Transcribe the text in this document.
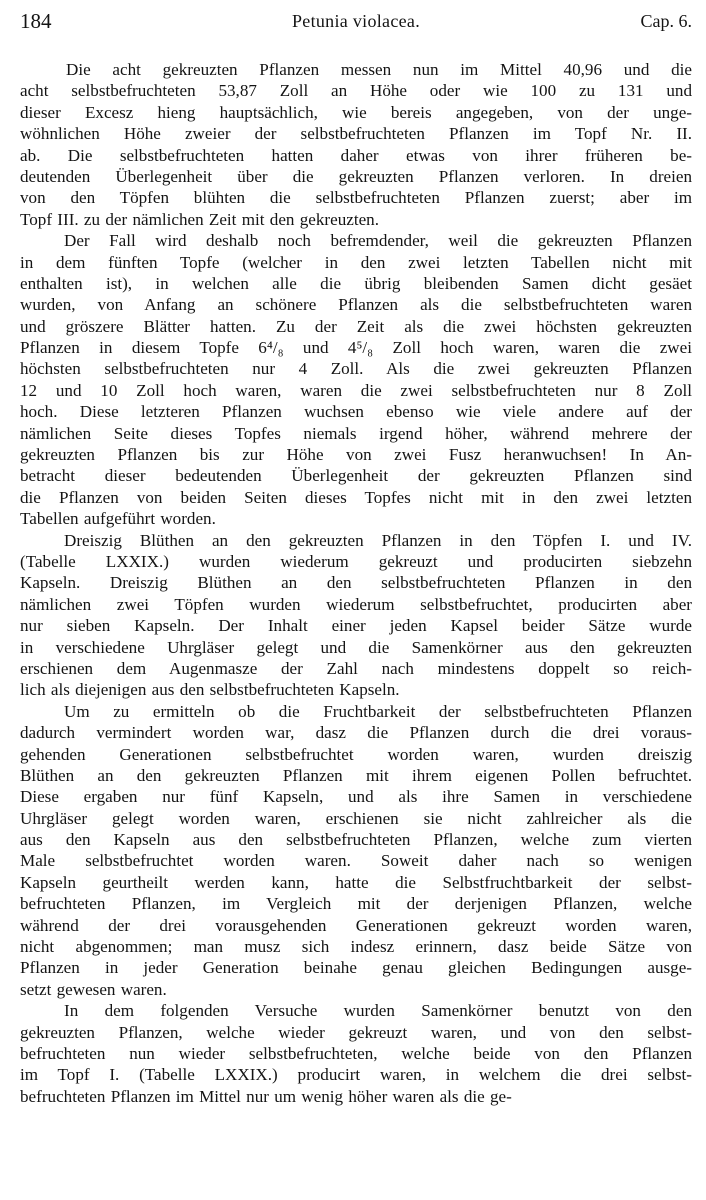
184	Petunia violacea.	Cap. 6.
Die acht gekreuzten Pflanzen messen nun im Mittel 40,96 und die
acht selbstbefruchteten 53,87 Zoll an Höhe oder wie 100 zu 131 und
dieser Excesz hieng hauptsächlich, wie bereis angegeben, von der unge-
wöhnlichen Höhe zweier der selbstbefruchteten Pflanzen im Topf Nr. II.
ab. Die selbstbefruchteten hatten daher etwas von ihrer früheren be-
deutenden Überlegenheit über die gekreuzten Pflanzen verloren. In dreien
von den Töpfen blühten die selbstbefruchteten Pflanzen zuerst; aber im
Topf III. zu der nämlichen Zeit mit den gekreuzten.
Der Fall wird deshalb noch befremdender, weil die gekreuzten Pflanzen
in dem fünften Topfe (welcher in den zwei letzten Tabellen nicht mit
enthalten ist), in welchen alle die übrig bleibenden Samen dicht gesäet
wurden, von Anfang an schönere Pflanzen als die selbstbefruchteten waren
und gröszere Blätter hatten. Zu der Zeit als die zwei höchsten gekreuzten
Pflanzen in diesem Topfe 6⁴/₈ und 4⁵/₈ Zoll hoch waren, waren die zwei
höchsten selbstbefruchteten nur 4 Zoll. Als die zwei gekreuzten Pflanzen
12 und 10 Zoll hoch waren, waren die zwei selbstbefruchteten nur 8 Zoll
hoch. Diese letzteren Pflanzen wuchsen ebenso wie viele andere auf der
nämlichen Seite dieses Topfes niemals irgend höher, während mehrere der
gekreuzten Pflanzen bis zur Höhe von zwei Fusz heranwuchsen! In An-
betracht dieser bedeutenden Überlegenheit der gekreuzten Pflanzen sind
die Pflanzen von beiden Seiten dieses Topfes nicht mit in den zwei letzten
Tabellen aufgeführt worden.
Dreiszig Blüthen an den gekreuzten Pflanzen in den Töpfen I. und IV.
(Tabelle LXXIX.) wurden wiederum gekreuzt und producirten siebzehn
Kapseln. Dreiszig Blüthen an den selbstbefruchteten Pflanzen in den
nämlichen zwei Töpfen wurden wiederum selbstbefruchtet, producirten aber
nur sieben Kapseln. Der Inhalt einer jeden Kapsel beider Sätze wurde
in verschiedene Uhrgläser gelegt und die Samenkörner aus den gekreuzten
erschienen dem Augenmasze der Zahl nach mindestens doppelt so reich-
lich als diejenigen aus den selbstbefruchteten Kapseln.
Um zu ermitteln ob die Fruchtbarkeit der selbstbefruchteten Pflanzen
dadurch vermindert worden war, dasz die Pflanzen durch die drei voraus-
gehenden Generationen selbstbefruchtet worden waren, wurden dreiszig
Blüthen an den gekreuzten Pflanzen mit ihrem eigenen Pollen befruchtet.
Diese ergaben nur fünf Kapseln, und als ihre Samen in verschiedene
Uhrgläser gelegt worden waren, erschienen sie nicht zahlreicher als die
aus den Kapseln aus den selbstbefruchteten Pflanzen, welche zum vierten
Male selbstbefruchtet worden waren. Soweit daher nach so wenigen
Kapseln geurtheilt werden kann, hatte die Selbstfruchtbarkeit der selbst-
befruchteten Pflanzen, im Vergleich mit der derjenigen Pflanzen, welche
während der drei vorausgehenden Generationen gekreuzt worden waren,
nicht abgenommen; man musz sich indesz erinnern, dasz beide Sätze von
Pflanzen in jeder Generation beinahe genau gleichen Bedingungen ausge-
setzt gewesen waren.
In dem folgenden Versuche wurden Samenkörner benutzt von den
gekreuzten Pflanzen, welche wieder gekreuzt waren, und von den selbst-
befruchteten nun wieder selbstbefruchteten, welche beide von den Pflanzen
im Topf I. (Tabelle LXXIX.) producirt waren, in welchem die drei selbst-
befruchteten Pflanzen im Mittel nur um wenig höher waren als die ge-
